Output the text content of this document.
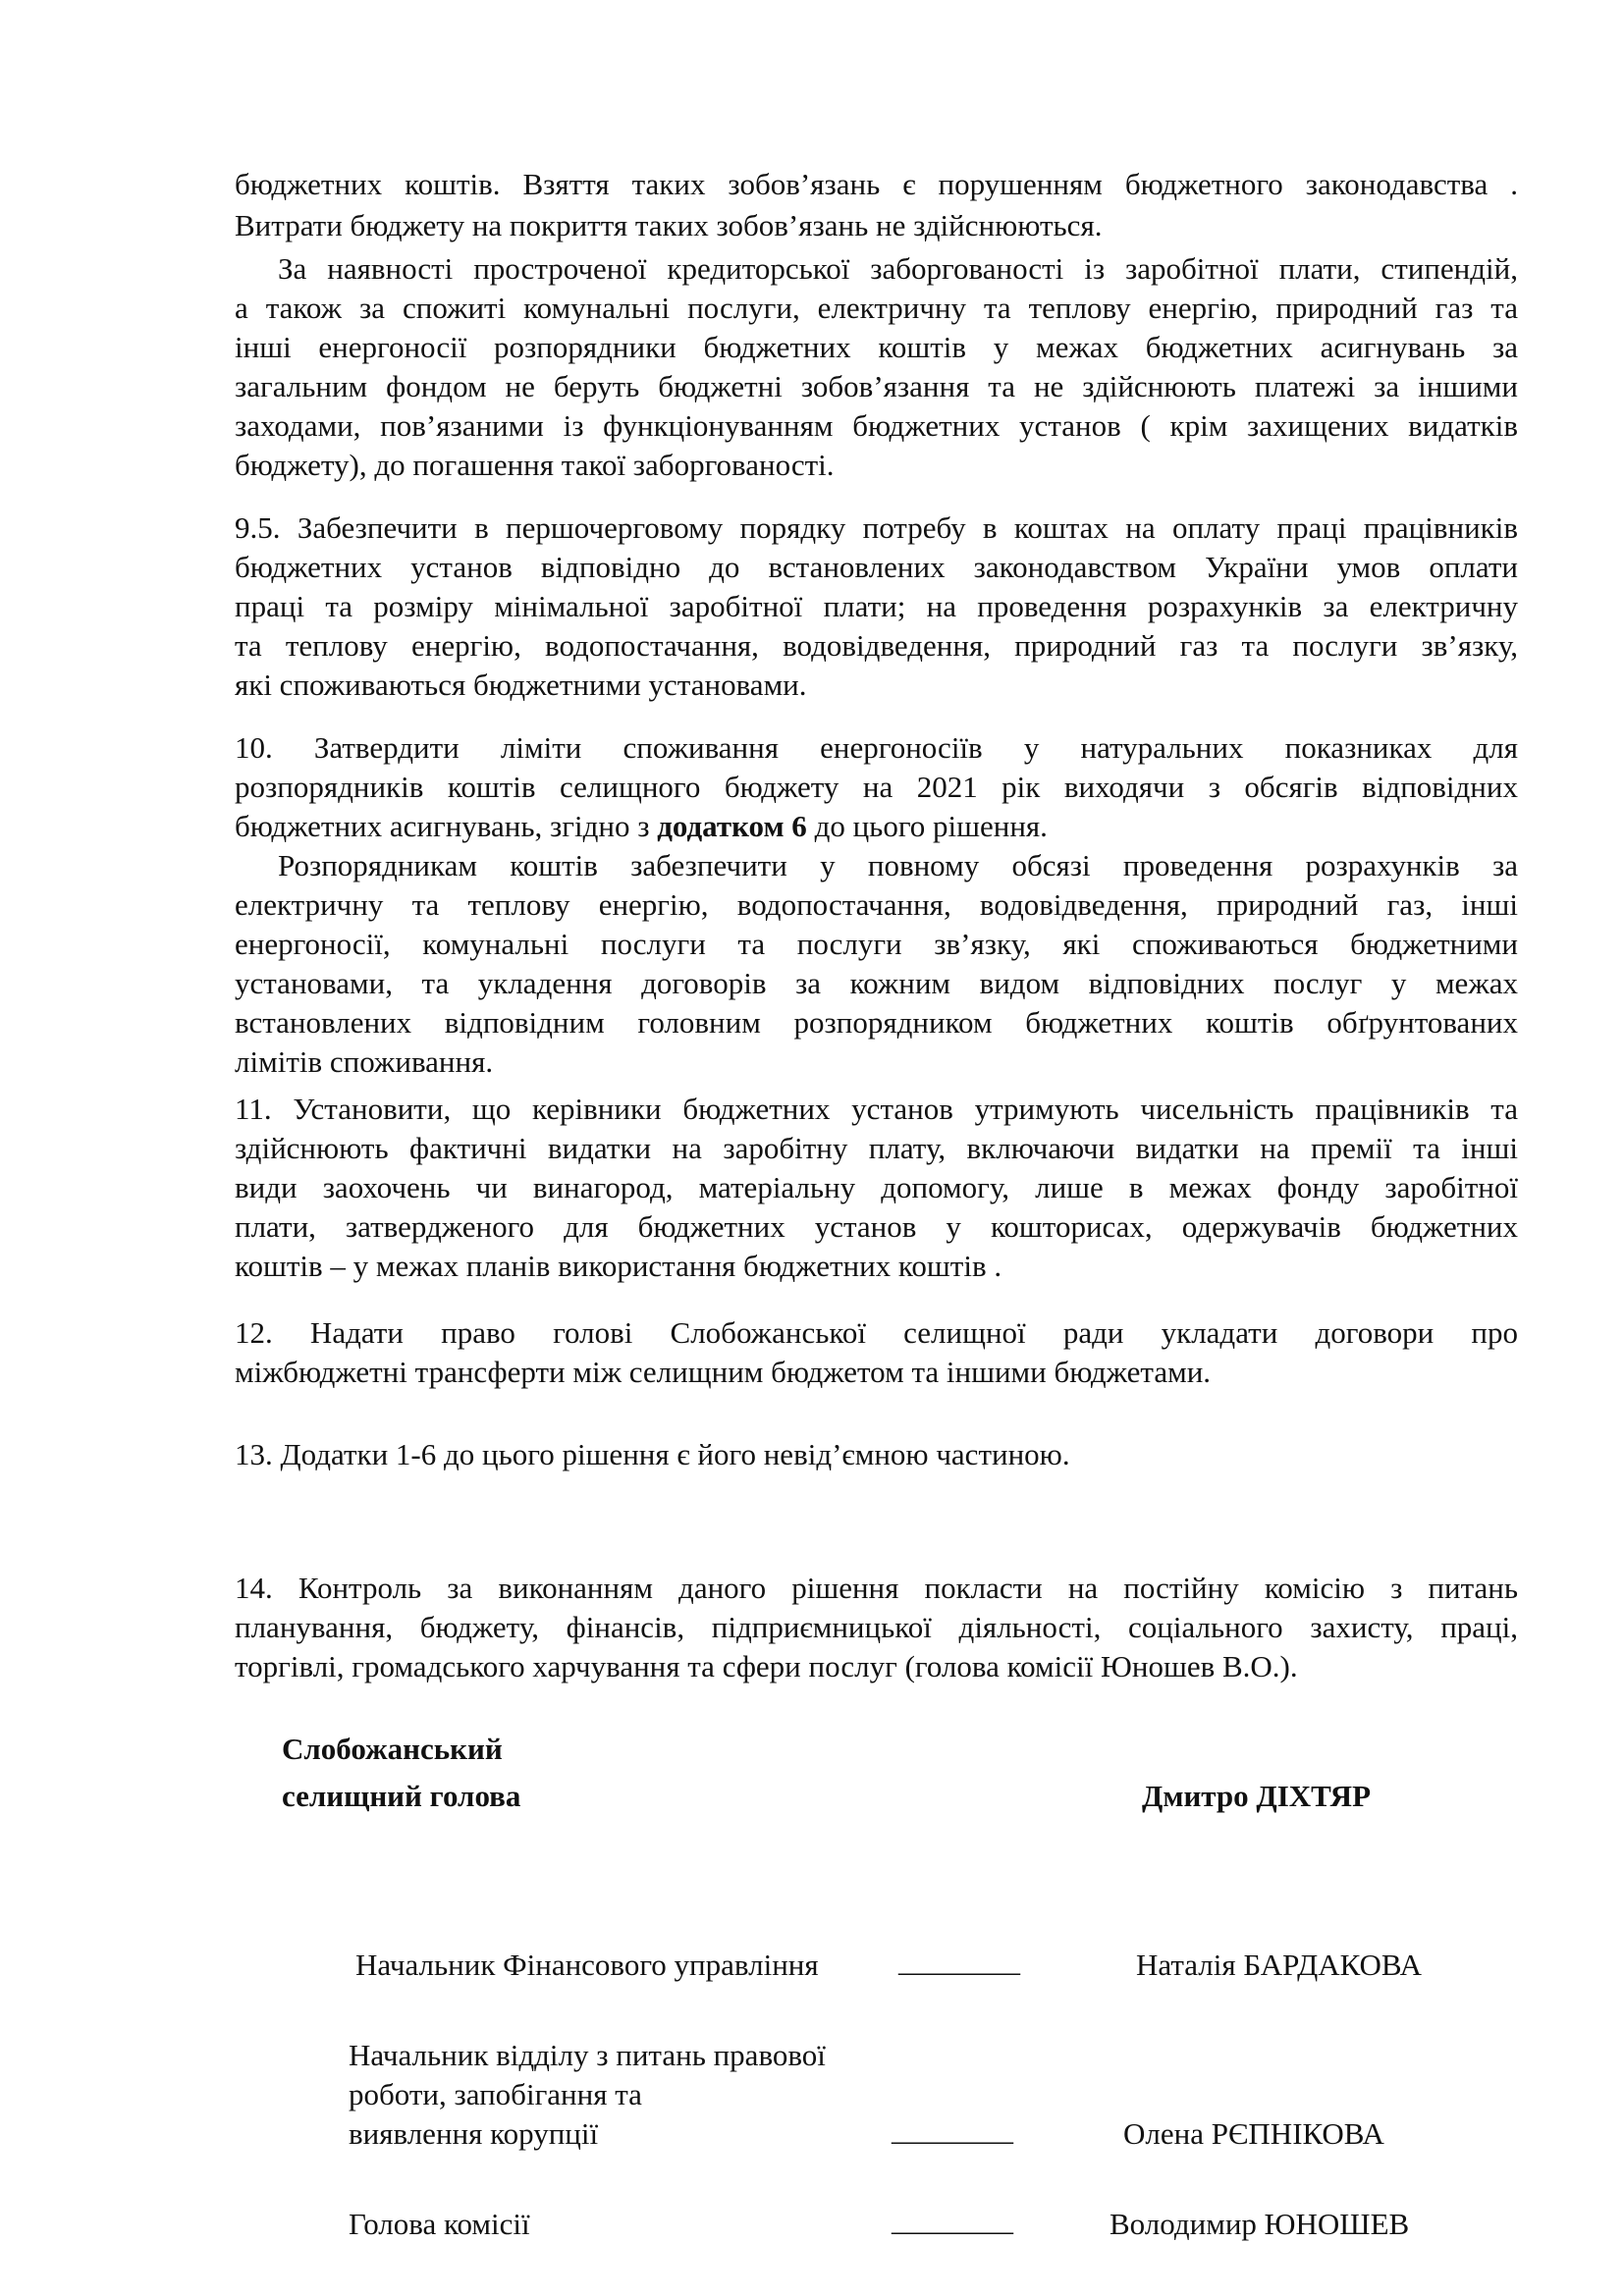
бюджетних коштів. Взяття таких зобов’язань є порушенням бюджетного законодавства .
Витрати бюджету на покриття таких зобов’язань не здійснюються.
За наявності простроченої кредиторської заборгованості із заробітної плати, стипендій,
а також за спожиті комунальні послуги, електричну та теплову енергію, природний газ та
інші енергоносії розпорядники бюджетних коштів у межах бюджетних асигнувань за
загальним фондом не беруть бюджетні зобов’язання та не здійснюють платежі за іншими
заходами, пов’язаними із функціонуванням бюджетних установ ( крім захищених видатків
бюджету), до погашення такої заборгованості.
9.5. Забезпечити в першочерговому порядку потребу в коштах на оплату праці працівників
бюджетних установ відповідно до встановлених законодавством України умов оплати
праці та розміру мінімальної заробітної плати; на проведення розрахунків за електричну
та теплову енергію, водопостачання, водовідведення, природний газ та послуги зв’язку,
які споживаються бюджетними установами.
10. Затвердити ліміти споживання енергоносіїв у натуральних показниках для
розпорядників коштів селищного бюджету на 2021 рік виходячи з обсягів відповідних
бюджетних асигнувань, згідно з додатком 6 до цього рішення.
Розпорядникам коштів забезпечити у повному обсязі проведення розрахунків за
електричну та теплову енергію, водопостачання, водовідведення, природний газ, інші
енергоносії, комунальні послуги та послуги зв’язку, які споживаються бюджетними
установами, та укладення договорів за кожним видом відповідних послуг у межах
встановлених відповідним головним розпорядником бюджетних коштів обґрунтованих
лімітів споживання.
11. Установити, що керівники бюджетних установ утримують чисельність працівників та
здійснюють фактичні видатки на заробітну плату, включаючи видатки на премії та інші
види заохочень чи винагород, матеріальну допомогу, лише в межах фонду заробітної
плати, затвердженого для бюджетних установ у кошторисах, одержувачів бюджетних
коштів – у межах планів використання бюджетних коштів .
12. Надати право голові Слобожанської селищної ради укладати договори про
міжбюджетні трансферти між селищним бюджетом та іншими бюджетами.
13. Додатки 1-6 до цього рішення є його невід’ємною частиною.
14. Контроль за виконанням даного рішення покласти на постійну комісію з питань
планування, бюджету, фінансів, підприємницької діяльності, соціального захисту, праці,
торгівлі, громадського харчування та сфери послуг (голова комісії Юношев В.О.).
Слобожанський
селищний голова	Дмитро ДІХТЯР
Начальник Фінансового управління	________	Наталія БАРДАКОВА
Начальник відділу з питань правової
роботи, запобігання та
виявлення корупції	________	Олена РЄПНІКОВА
Голова комісії	________	Володимир ЮНОШЕВ
